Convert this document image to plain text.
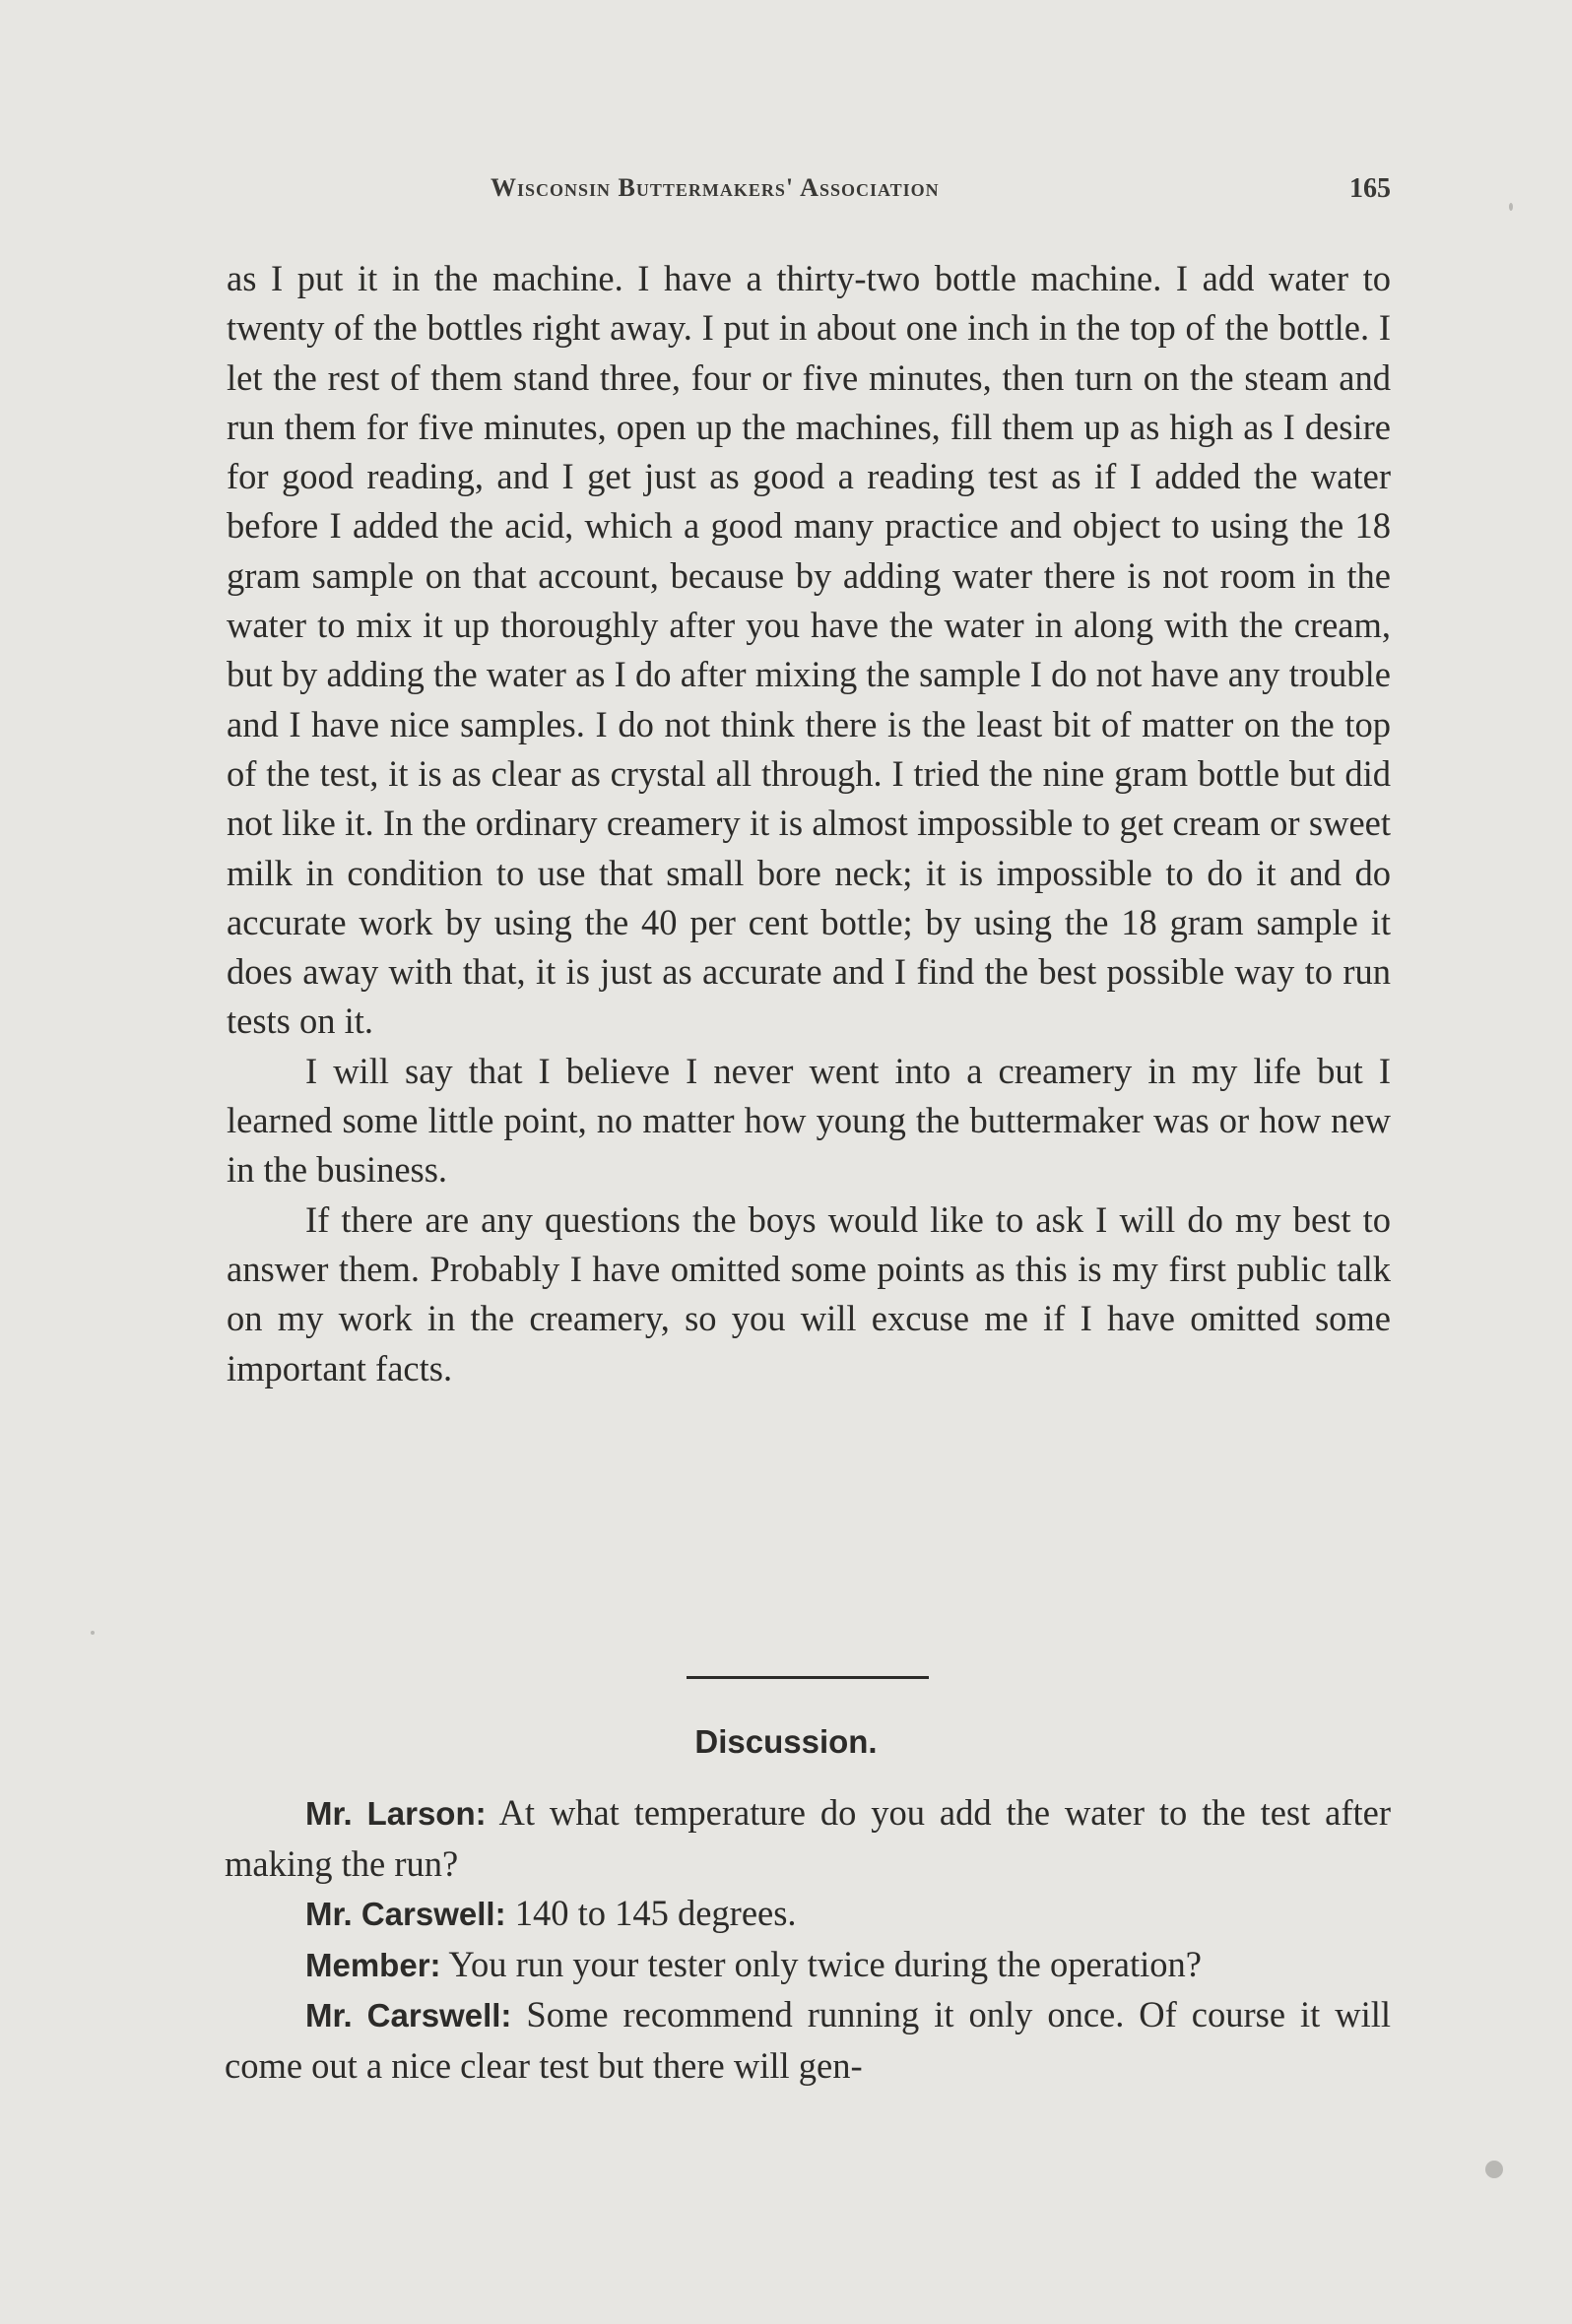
Wisconsin Buttermakers' Association	165

as I put it in the machine. I have a thirty-two bottle machine. I add water to twenty of the bottles right away. I put in about one inch in the top of the bottle. I let the rest of them stand three, four or five minutes, then turn on the steam and run them for five minutes, open up the machines, fill them up as high as I desire for good reading, and I get just as good a reading test as if I added the water before I added the acid, which a good many practice and object to using the 18 gram sample on that account, because by adding water there is not room in the water to mix it up thoroughly after you have the water in along with the cream, but by adding the water as I do after mixing the sample I do not have any trouble and I have nice samples. I do not think there is the least bit of matter on the top of the test, it is as clear as crystal all through. I tried the nine gram bottle but did not like it. In the ordinary creamery it is almost impossible to get cream or sweet milk in condition to use that small bore neck; it is impossible to do it and do accurate work by using the 40 per cent bottle; by using the 18 gram sample it does away with that, it is just as accurate and I find the best possible way to run tests on it.

I will say that I believe I never went into a creamery in my life but I learned some little point, no matter how young the buttermaker was or how new in the business.

If there are any questions the boys would like to ask I will do my best to answer them. Probably I have omitted some points as this is my first public talk on my work in the creamery, so you will excuse me if I have omitted some important facts.

Discussion.

Mr. Larson: At what temperature do you add the water to the test after making the run?

Mr. Carswell: 140 to 145 degrees.

Member: You run your tester only twice during the operation?

Mr. Carswell: Some recommend running it only once. Of course it will come out a nice clear test but there will gen-
